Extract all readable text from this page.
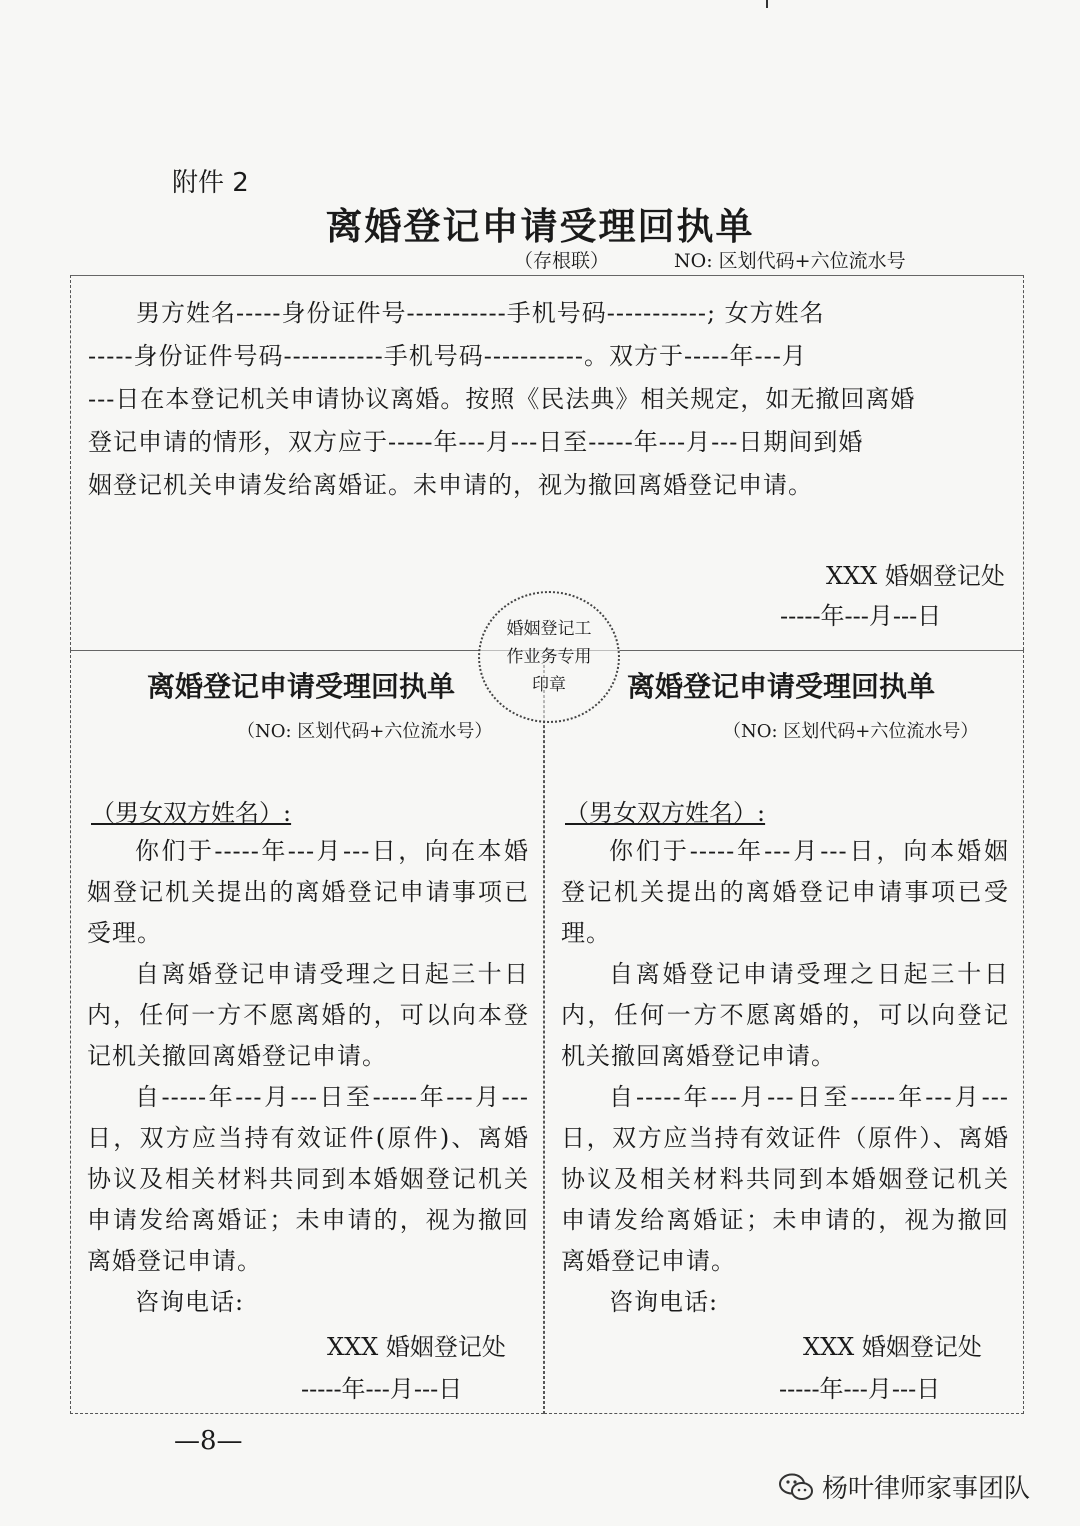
附件 2
离婚登记申请受理回执单
（存根联）	NO: 区划代码+六位流水号
男方姓名-----身份证件号-----------手机号码-----------; 女方姓名
-----身份证件号码-----------手机号码-----------。双方于-----年---月
---日在本登记机关申请协议离婚。按照《民法典》相关规定，如无撤回离婚
登记申请的情形，双方应于-----年---月---日至-----年---月---日期间到婚
姻登记机关申请发给离婚证。未申请的，视为撤回离婚登记申请。
XXX 婚姻登记处
-----年---月---日
离婚登记申请受理回执单
（NO: 区划代码+六位流水号）
（男女双方姓名）:

你们于-----年---月---日，向在本婚姻登记机关提出的离婚登记申请事项已受理。

自离婚登记申请受理之日起三十日内，任何一方不愿离婚的，可以向本登记机关撤回离婚登记申请。

自-----年---月---日至-----年---月---日，双方应当持有效证件(原件)、离婚协议及相关材料共同到本婚姻登记机关申请发给离婚证；未申请的，视为撤回离婚登记申请。

咨询电话:

XXX 婚姻登记处
-----年---月---日
离婚登记申请受理回执单
（NO: 区划代码+六位流水号）
（男女双方姓名）:

你们于-----年---月---日，向本婚姻登记机关提出的离婚登记申请事项已受理。

自离婚登记申请受理之日起三十日内，任何一方不愿离婚的，可以向登记机关撤回离婚登记申请。

自-----年---月---日至-----年---月---日，双方应当持有效证件（原件）、离婚协议及相关材料共同到本婚姻登记机关申请发给离婚证；未申请的，视为撤回离婚登记申请。

咨询电话:

XXX 婚姻登记处
-----年---月---日
婚姻登记工
作业务专用
印章
—8—
杨叶律师家事团队
